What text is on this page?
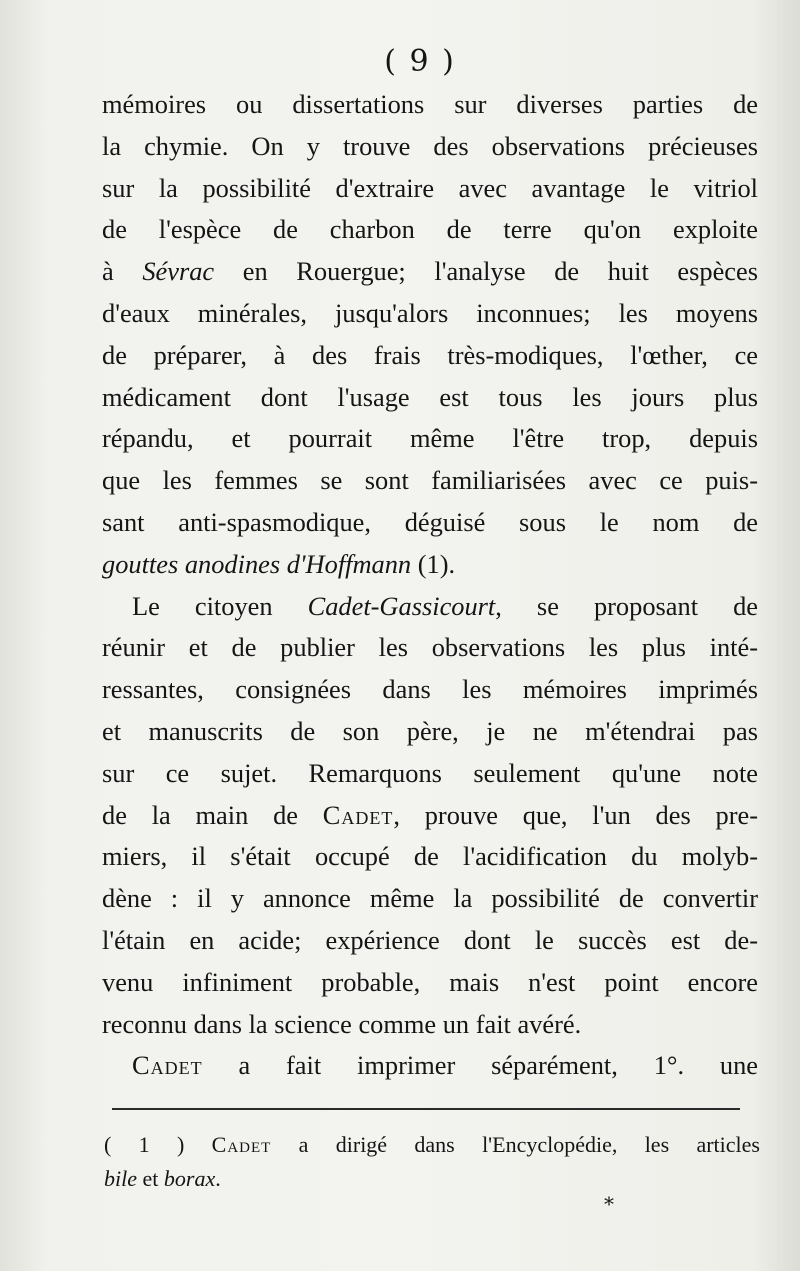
( 9 )
mémoires ou dissertations sur diverses parties de
la chymie. On y trouve des observations précieuses
sur la possibilité d'extraire avec avantage le vitriol
de l'espèce de charbon de terre qu'on exploite
à Sévrac en Rouergue; l'analyse de huit espèces
d'eaux minérales, jusqu'alors inconnues; les moyens
de préparer, à des frais très-modiques, l'œther, ce
médicament dont l'usage est tous les jours plus
répandu, et pourrait même l'être trop, depuis
que les femmes se sont familiarisées avec ce puis-
sant anti-spasmodique, déguisé sous le nom de
gouttes anodines d'Hoffmann (1).
Le citoyen Cadet-Gassicourt, se proposant de
réunir et de publier les observations les plus inté-
ressantes, consignées dans les mémoires imprimés
et manuscrits de son père, je ne m'étendrai pas
sur ce sujet. Remarquons seulement qu'une note
de la main de Cadet, prouve que, l'un des pre-
miers, il s'était occupé de l'acidification du molyb-
dène : il y annonce même la possibilité de convertir
l'étain en acide; expérience dont le succès est de-
venu infiniment probable, mais n'est point encore
reconnu dans la science comme un fait avéré.
Cadet a fait imprimer séparément, 1°. une
( 1 ) Cadet a dirigé dans l'Encyclopédie, les articles
bile et borax.
*
